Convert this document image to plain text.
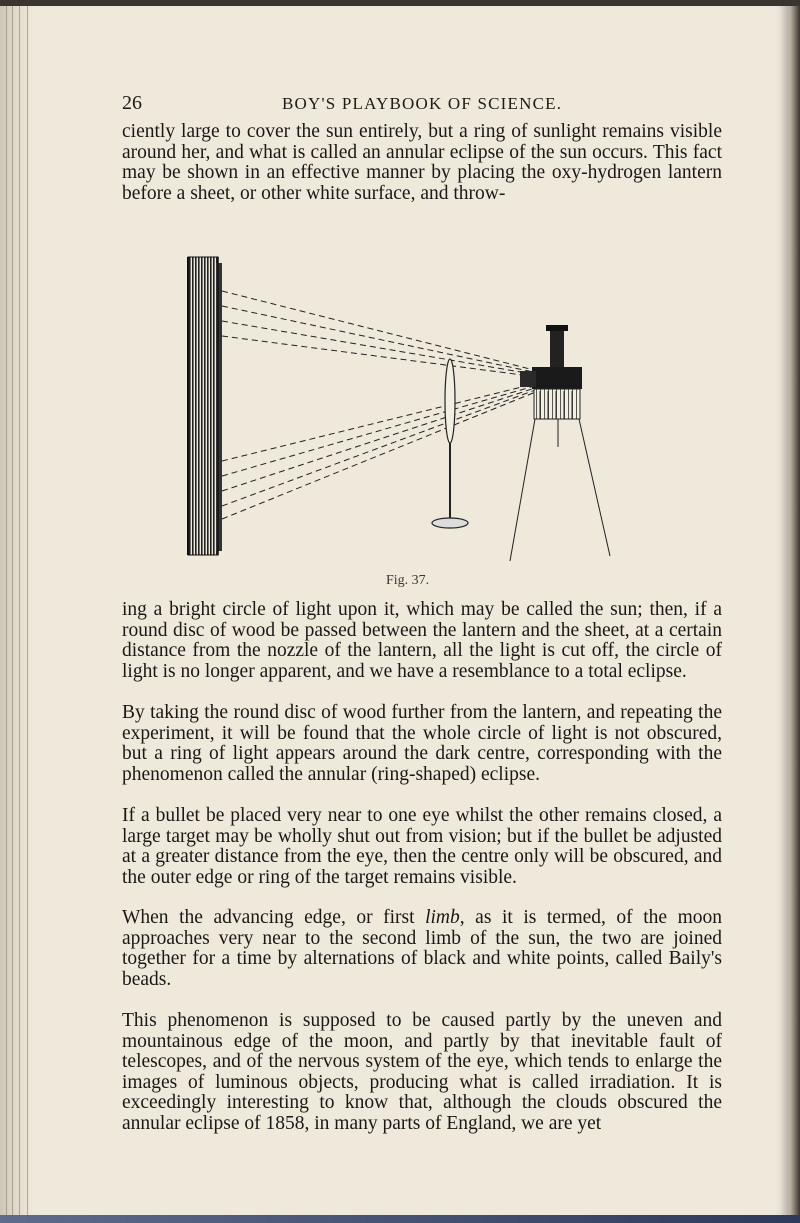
26	BOY'S PLAYBOOK OF SCIENCE.
ciently large to cover the sun entirely, but a ring of sunlight remains visible around her, and what is called an annular eclipse of the sun occurs. This fact may be shown in an effective manner by placing the oxy-hydrogen lantern before a sheet, or other white surface, and throw-
Fig. 37.
ing a bright circle of light upon it, which may be called the sun; then, if a round disc of wood be passed between the lantern and the sheet, at a certain distance from the nozzle of the lantern, all the light is cut off, the circle of light is no longer apparent, and we have a resemblance to a total eclipse.
By taking the round disc of wood further from the lantern, and repeating the experiment, it will be found that the whole circle of light is not obscured, but a ring of light appears around the dark centre, corresponding with the phenomenon called the annular (ring-shaped) eclipse.
If a bullet be placed very near to one eye whilst the other remains closed, a large target may be wholly shut out from vision; but if the bullet be adjusted at a greater distance from the eye, then the centre only will be obscured, and the outer edge or ring of the target remains visible.
When the advancing edge, or first limb, as it is termed, of the moon approaches very near to the second limb of the sun, the two are joined together for a time by alternations of black and white points, called Baily's beads.
This phenomenon is supposed to be caused partly by the uneven and mountainous edge of the moon, and partly by that inevitable fault of telescopes, and of the nervous system of the eye, which tends to enlarge the images of luminous objects, producing what is called irradiation. It is exceedingly interesting to know that, although the clouds obscured the annular eclipse of 1858, in many parts of England, we are yet
